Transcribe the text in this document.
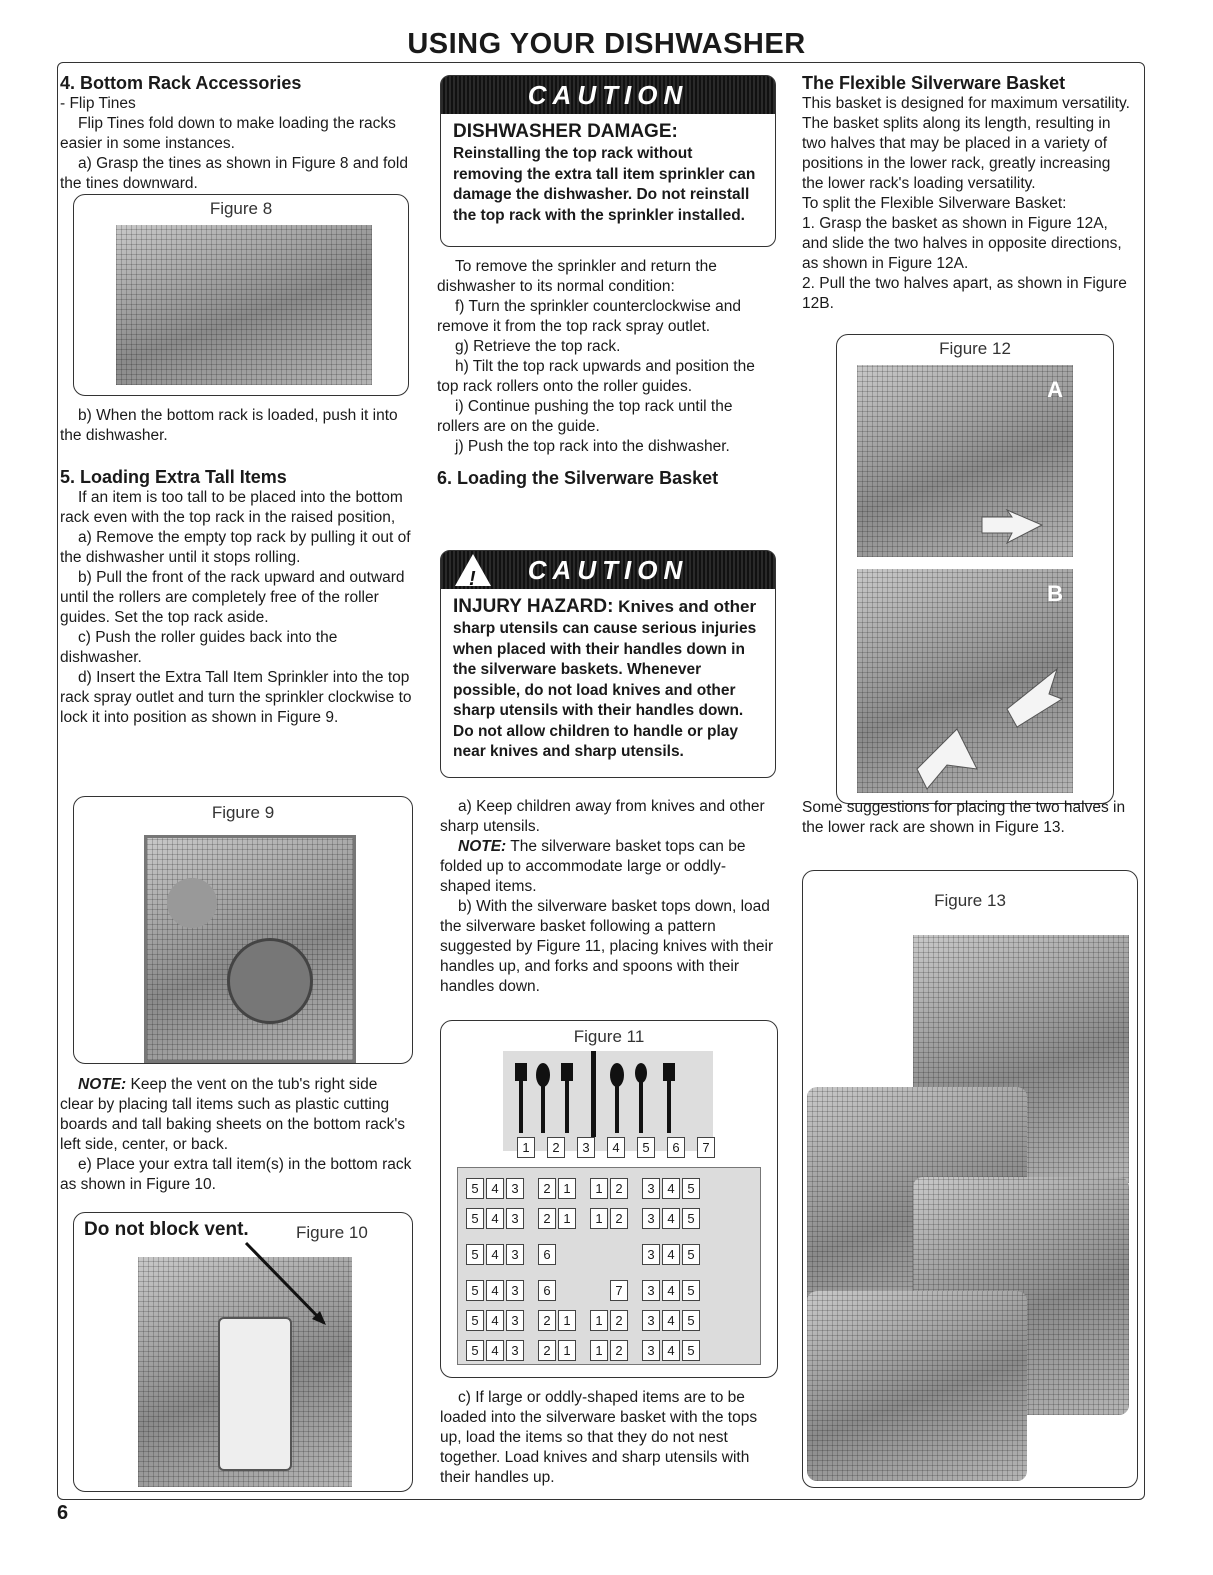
USING YOUR DISHWASHER
4. Bottom Rack Accessories

- Flip Tines

Flip Tines fold down to make loading the racks easier in some instances.

a) Grasp the tines as shown in Figure 8 and fold the tines downward.

Figure 8

b) When the bottom rack is loaded, push it into the dishwasher.

5. Loading Extra Tall Items

If an item is too tall to be placed into the bottom rack even with the top rack in the raised position,

a) Remove the empty top rack by pulling it out of the dishwasher until it stops rolling.

b) Pull the front of the rack upward and outward until the rollers are completely free of the roller guides. Set the top rack aside.

c) Push the roller guides back into the dishwasher.

d) Insert the Extra Tall Item Sprinkler into the top rack spray outlet and turn the sprinkler clockwise to lock it into position as shown in Figure 9.

Figure 9

NOTE: Keep the vent on the tub's right side clear by placing tall items such as plastic cutting boards and tall baking sheets on the bottom rack's left side, center, or back.

e) Place your extra tall item(s) in the bottom rack as shown in Figure 10.

Do not block vent.	Figure 10
CAUTION
DISHWASHER DAMAGE:
Reinstalling the top rack without removing the extra tall item sprinkler can damage the dishwasher. Do not reinstall the top rack with the sprinkler installed.

To remove the sprinkler and return the dishwasher to its normal condition:

f) Turn the sprinkler counterclockwise and remove it from the top rack spray outlet.

g) Retrieve the top rack.

h) Tilt the top rack upwards and position the top rack rollers onto the roller guides.

i) Continue pushing the top rack until the rollers are on the guide.

j) Push the top rack into the dishwasher.

6. Loading the Silverware Basket
! CAUTION
INJURY HAZARD: Knives and other
sharp utensils can cause serious injuries when placed with their handles down in the silverware baskets. Whenever possible, do not load knives and other sharp utensils with their handles down. Do not allow children to handle or play near knives and sharp utensils.

a) Keep children away from knives and other sharp utensils.

NOTE: The silverware basket tops can be folded up to accommodate large or oddly-shaped items.

b) With the silverware basket tops down, load the silverware basket following a pattern suggested by Figure 11, placing knives with their handles up, and forks and spoons with their handles down.

Figure 11
1 2 3 4 5 6 7
5 4 3 2 1 1 2 3 4 5
5 4 3 2 1 1 2 3 4 5
5 4 3 6	3 4 5
5 4 3 6	7 3 4 5
5 4 3 2 1 1 2 3 4 5
5 4 3 2 1 1 2 3 4 5

c) If large or oddly-shaped items are to be loaded into the silverware basket with the tops up, load the items so that they do not nest together. Load knives and sharp utensils with their handles up.

The Flexible Silverware Basket

This basket is designed for maximum versatility. The basket splits along its length, resulting in two halves that may be placed in a variety of positions in the lower rack, greatly increasing the lower rack's loading versatility.

To split the Flexible Silverware Basket:

1. Grasp the basket as shown in Figure 12A, and slide the two halves in opposite directions, as shown in Figure 12A.

2. Pull the two halves apart, as shown in Figure 12B.

Figure 12
A
B

Some suggestions for placing the two halves in the lower rack are shown in Figure 13.

Figure 13
6
